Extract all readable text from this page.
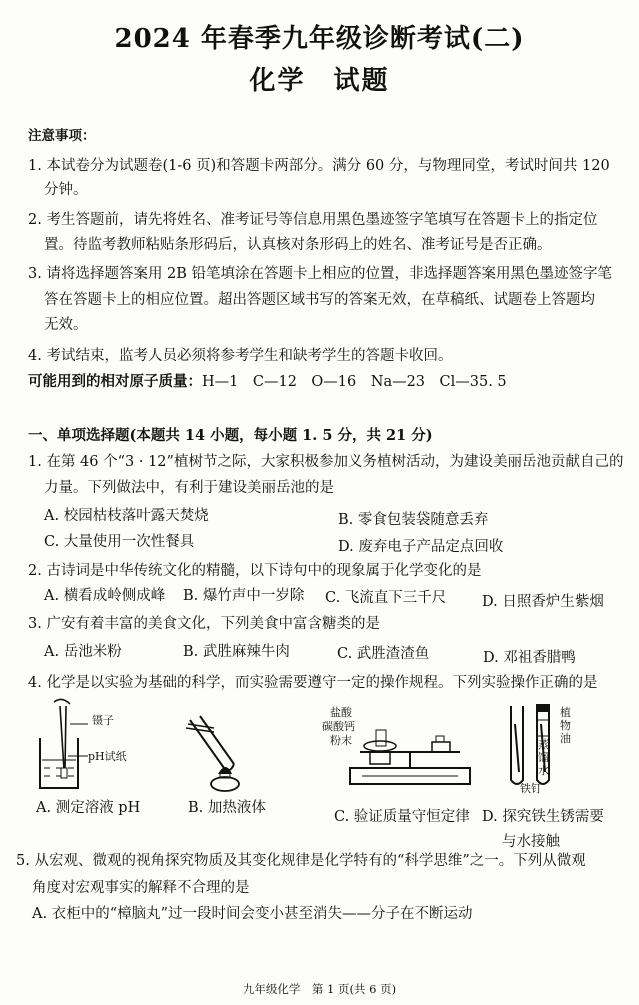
2024 年春季九年级诊断考试(二)
化学　试题
注意事项：
1. 本试卷分为试题卷(1-6 页)和答题卡两部分。满分 60 分，与物理同堂，考试时间共 120
分钟。
2. 考生答题前，请先将姓名、准考证号等信息用黑色墨迹签字笔填写在答题卡上的指定位
置。待监考教师粘贴条形码后，认真核对条形码上的姓名、准考证号是否正确。
3. 请将选择题答案用 2B 铅笔填涂在答题卡上相应的位置，非选择题答案用黑色墨迹签字笔
答在答题卡上的相应位置。超出答题区域书写的答案无效，在草稿纸、试题卷上答题均
无效。
4. 考试结束，监考人员必须将参考学生和缺考学生的答题卡收回。
可能用到的相对原子质量：H—1　C—12　O—16　Na—23　Cl—35. 5
一、单项选择题(本题共 14 小题，每小题 1. 5 分，共 21 分)
1. 在第 46 个“3 · 12”植树节之际，大家积极参加义务植树活动，为建设美丽岳池贡献自己的
力量。下列做法中，有利于建设美丽岳池的是
A. 校园枯枝落叶露天焚烧	B. 零食包装袋随意丢弃
C. 大量使用一次性餐具	D. 废弃电子产品定点回收
2. 古诗词是中华传统文化的精髓，以下诗句中的现象属于化学变化的是
A. 横看成岭侧成峰 B. 爆竹声中一岁除 C. 飞流直下三千尺 D. 日照香炉生紫烟
3. 广安有着丰富的美食文化，下列美食中富含糖类的是
A. 岳池米粉	B. 武胜麻辣牛肉	C. 武胜渣渣鱼	D. 邓祖香腊鸭
4. 化学是以实验为基础的科学，而实验需要遵守一定的操作规程。下列实验操作正确的是
镊子
pH试纸
盐酸
碳酸钙
粉末
植
物
油
蒸
馏
水
铁钉
A. 测定溶液 pH	B. 加热液体
C. 验证质量守恒定律 D. 探究铁生锈需要
与水接触
5. 从宏观、微观的视角探究物质及其变化规律是化学特有的“科学思维”之一。下列从微观
角度对宏观事实的解释不合理的是
A. 衣柜中的“樟脑丸”过一段时间会变小甚至消失——分子在不断运动
九年级化学　第 1 页(共 6 页)
